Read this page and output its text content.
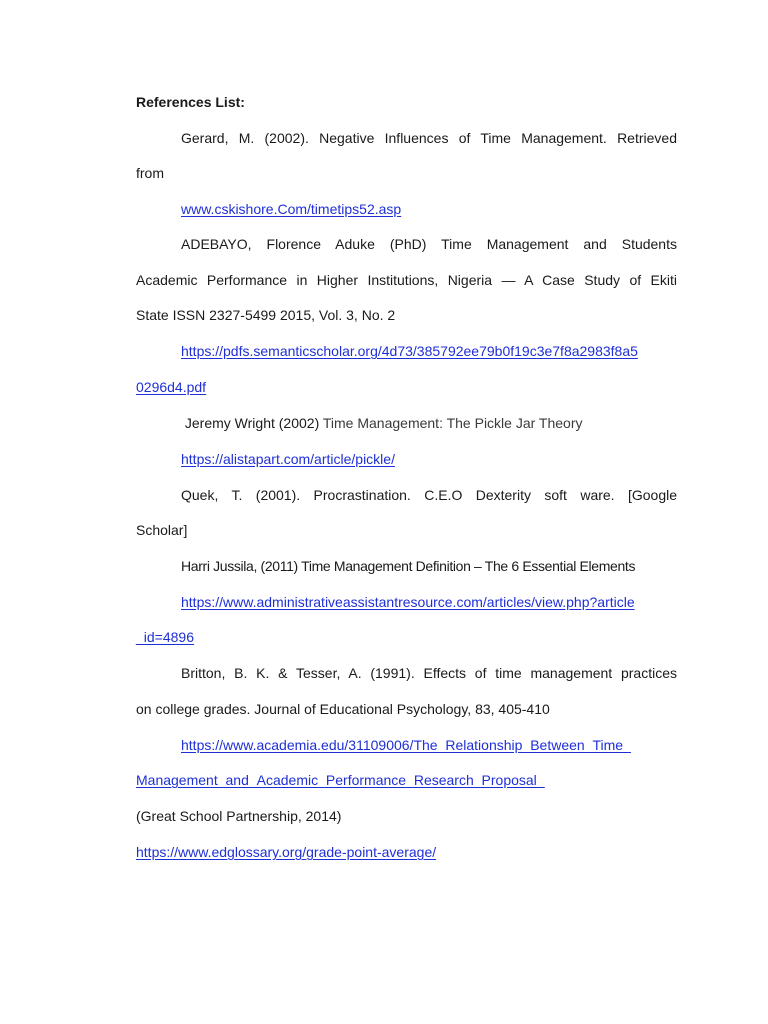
References List:
Gerard, M. (2002). Negative Influences of Time Management. Retrieved
from
www.cskishore.Com/timetips52.asp
ADEBAYO, Florence Aduke (PhD) Time Management and Students
Academic Performance in Higher Institutions, Nigeria — A Case Study of Ekiti
State ISSN 2327-5499 2015, Vol. 3, No. 2
https://pdfs.semanticscholar.org/4d73/385792ee79b0f19c3e7f8a2983f8a5
0296d4.pdf
Jeremy Wright (2002) Time Management: The Pickle Jar Theory
https://alistapart.com/article/pickle/
Quek, T. (2001). Procrastination. C.E.O Dexterity soft ware. [Google
Scholar]
Harri Jussila, (2011) Time Management Definition – The 6 Essential Elements
https://www.administrativeassistantresource.com/articles/view.php?article
_id=4896
Britton, B. K. & Tesser, A. (1991). Effects of time management practices
on college grades. Journal of Educational Psychology, 83, 405-410
https://www.academia.edu/31109006/The_Relationship_Between_Time_
Management_and_Academic_Performance_Research_Proposal_
(Great School Partnership, 2014)
https://www.edglossary.org/grade-point-average/
